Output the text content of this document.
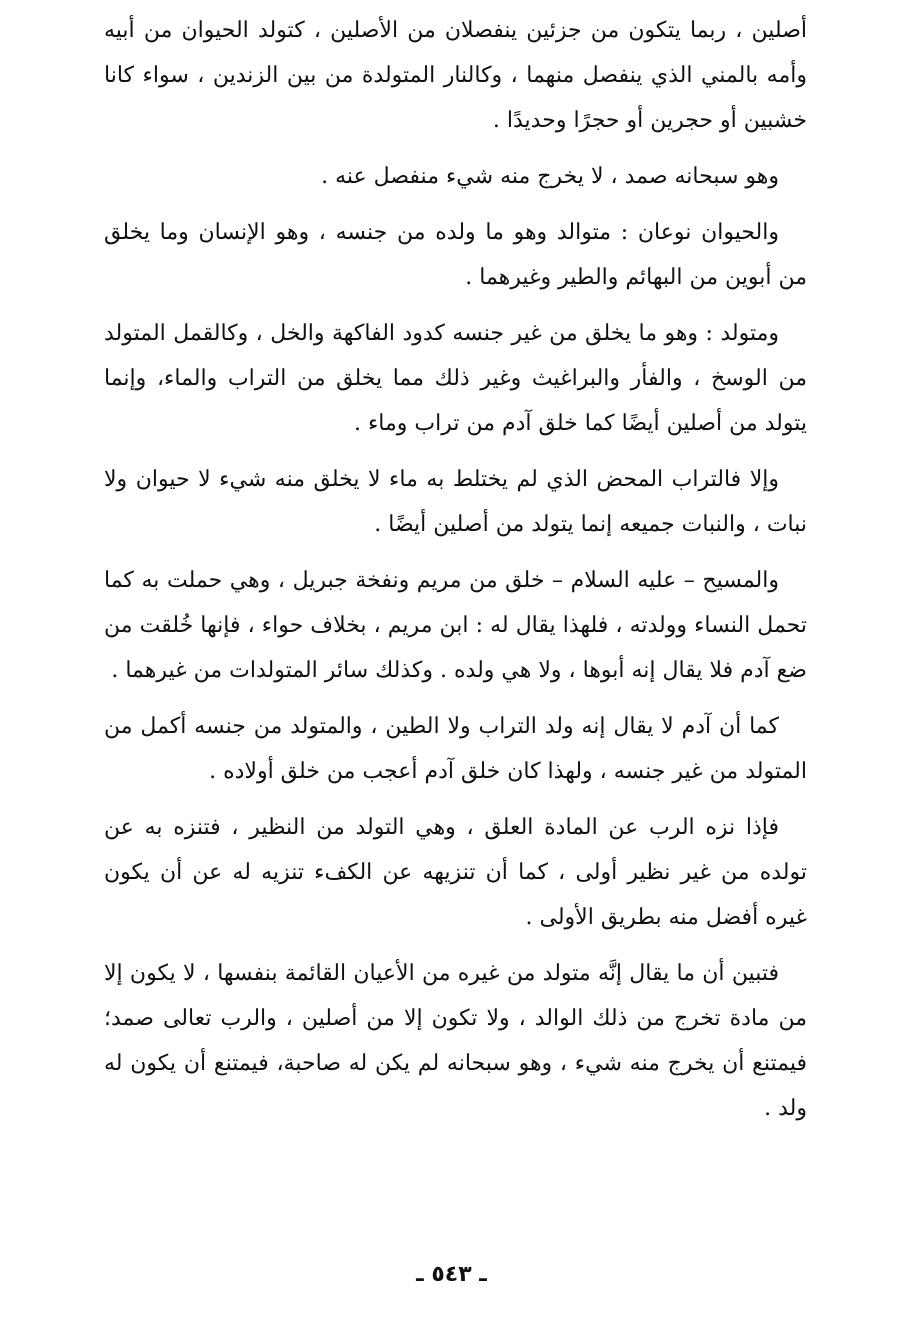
أصلين ، ربما يتكون من جزئين ينفصلان من الأصلين ، كتولد الحيوان من أبيه وأمه بالمني الذي ينفصل منهما ، وكالنار المتولدة من بين الزندين ، سواء كانا خشبين أو حجرين أو حجرًا وحديدًا .

وهو سبحانه صمد ، لا يخرج منه شيء منفصل عنه .

والحيوان نوعان : متوالد وهو ما ولده من جنسه ، وهو الإنسان وما يخلق من أبوين من البهائم والطير وغيرهما .

ومتولد : وهو ما يخلق من غير جنسه كدود الفاكهة والخل ، وكالقمل المتولد من الوسخ ، والفأر والبراغيث وغير ذلك مما يخلق من التراب والماء، وإنما يتولد من أصلين أيضًا كما خلق آدم من تراب وماء .

وإلا فالتراب المحض الذي لم يختلط به ماء لا يخلق منه شيء لا حيوان ولا نبات ، والنبات جميعه إنما يتولد من أصلين أيضًا .

والمسيح – عليه السلام – خلق من مريم ونفخة جبريل ، وهي حملت به كما تحمل النساء وولدته ، فلهذا يقال له : ابن مريم ، بخلاف حواء ، فإنها خُلقت من ضع آدم فلا يقال إنه أبوها ، ولا هي ولده . وكذلك سائر المتولدات من غيرهما .

كما أن آدم لا يقال إنه ولد التراب ولا الطين ، والمتولد من جنسه أكمل من المتولد من غير جنسه ، ولهذا كان خلق آدم أعجب من خلق أولاده .

فإذا نزه الرب عن المادة العلق ، وهي التولد من النظير ، فتنزه به عن تولده من غير نظير أولى ، كما أن تنزيهه عن الكفء تنزيه له عن أن يكون غيره أفضل منه بطريق الأولى .

فتبين أن ما يقال إنَّه متولد من غيره من الأعيان القائمة بنفسها ، لا يكون إلا من مادة تخرج من ذلك الوالد ، ولا تكون إلا من أصلين ، والرب تعالى صمد؛ فيمتنع أن يخرج منه شيء ، وهو سبحانه لم يكن له صاحبة، فيمتنع أن يكون له ولد .

ـ ٥٤٣ ـ
